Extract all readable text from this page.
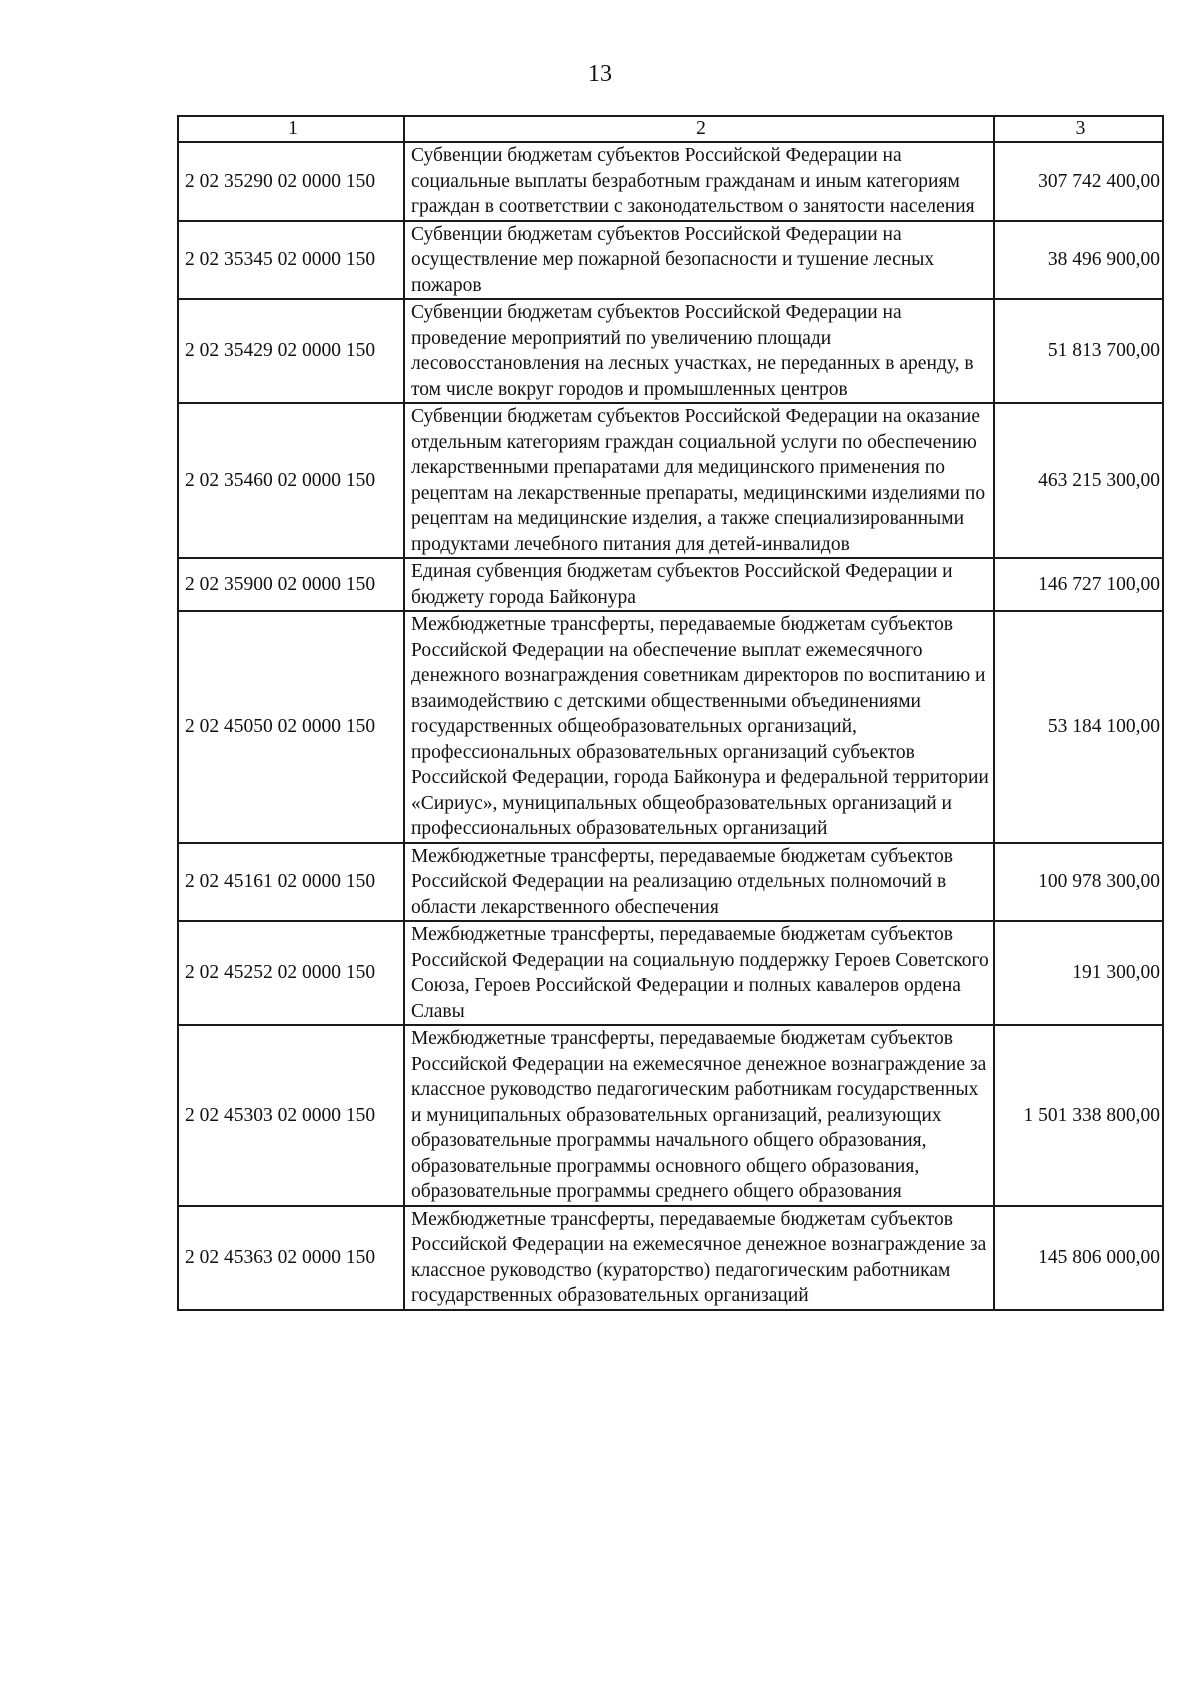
13
1	2	3
2 02 35290 02 0000 150	Субвенции бюджетам субъектов Российской Федерации на социальные выплаты безработным гражданам и иным категориям граждан в соответствии с законодательством о занятости населения	307 742 400,00
2 02 35345 02 0000 150	Субвенции бюджетам субъектов Российской Федерации на осуществление мер пожарной безопасности и тушение лесных пожаров	38 496 900,00
2 02 35429 02 0000 150	Субвенции бюджетам субъектов Российской Федерации на проведение мероприятий по увеличению площади лесовосстановления на лесных участках, не переданных в аренду, в том числе вокруг городов и промышленных центров	51 813 700,00
2 02 35460 02 0000 150	Субвенции бюджетам субъектов Российской Федерации на оказание отдельным категориям граждан социальной услуги по обеспечению лекарственными препаратами для медицинского применения по рецептам на лекарственные препараты, медицинскими изделиями по рецептам на медицинские изделия, а также специализированными продуктами лечебного питания для детей-инвалидов	463 215 300,00
2 02 35900 02 0000 150	Единая субвенция бюджетам субъектов Российской Федерации и бюджету города Байконура	146 727 100,00
2 02 45050 02 0000 150	Межбюджетные трансферты, передаваемые бюджетам субъектов Российской Федерации на обеспечение выплат ежемесячного денежного вознаграждения советникам директоров по воспитанию и взаимодействию с детскими общественными объединениями государственных общеобразовательных организаций, профессиональных образовательных организаций субъектов Российской Федерации, города Байконура и федеральной территории «Сириус», муниципальных общеобразовательных организаций и профессиональных образовательных организаций	53 184 100,00
2 02 45161 02 0000 150	Межбюджетные трансферты, передаваемые бюджетам субъектов Российской Федерации на реализацию отдельных полномочий в области лекарственного обеспечения	100 978 300,00
2 02 45252 02 0000 150	Межбюджетные трансферты, передаваемые бюджетам субъектов Российской Федерации на социальную поддержку Героев Советского Союза, Героев Российской Федерации и полных кавалеров ордена Славы	191 300,00
2 02 45303 02 0000 150	Межбюджетные трансферты, передаваемые бюджетам субъектов Российской Федерации на ежемесячное денежное вознаграждение за классное руководство педагогическим работникам государственных и муниципальных образовательных организаций, реализующих образовательные программы начального общего образования, образовательные программы основного общего образования, образовательные программы среднего общего образования	1 501 338 800,00
2 02 45363 02 0000 150	Межбюджетные трансферты, передаваемые бюджетам субъектов Российской Федерации на ежемесячное денежное вознаграждение за классное руководство (кураторство) педагогическим работникам государственных образовательных организаций	145 806 000,00
